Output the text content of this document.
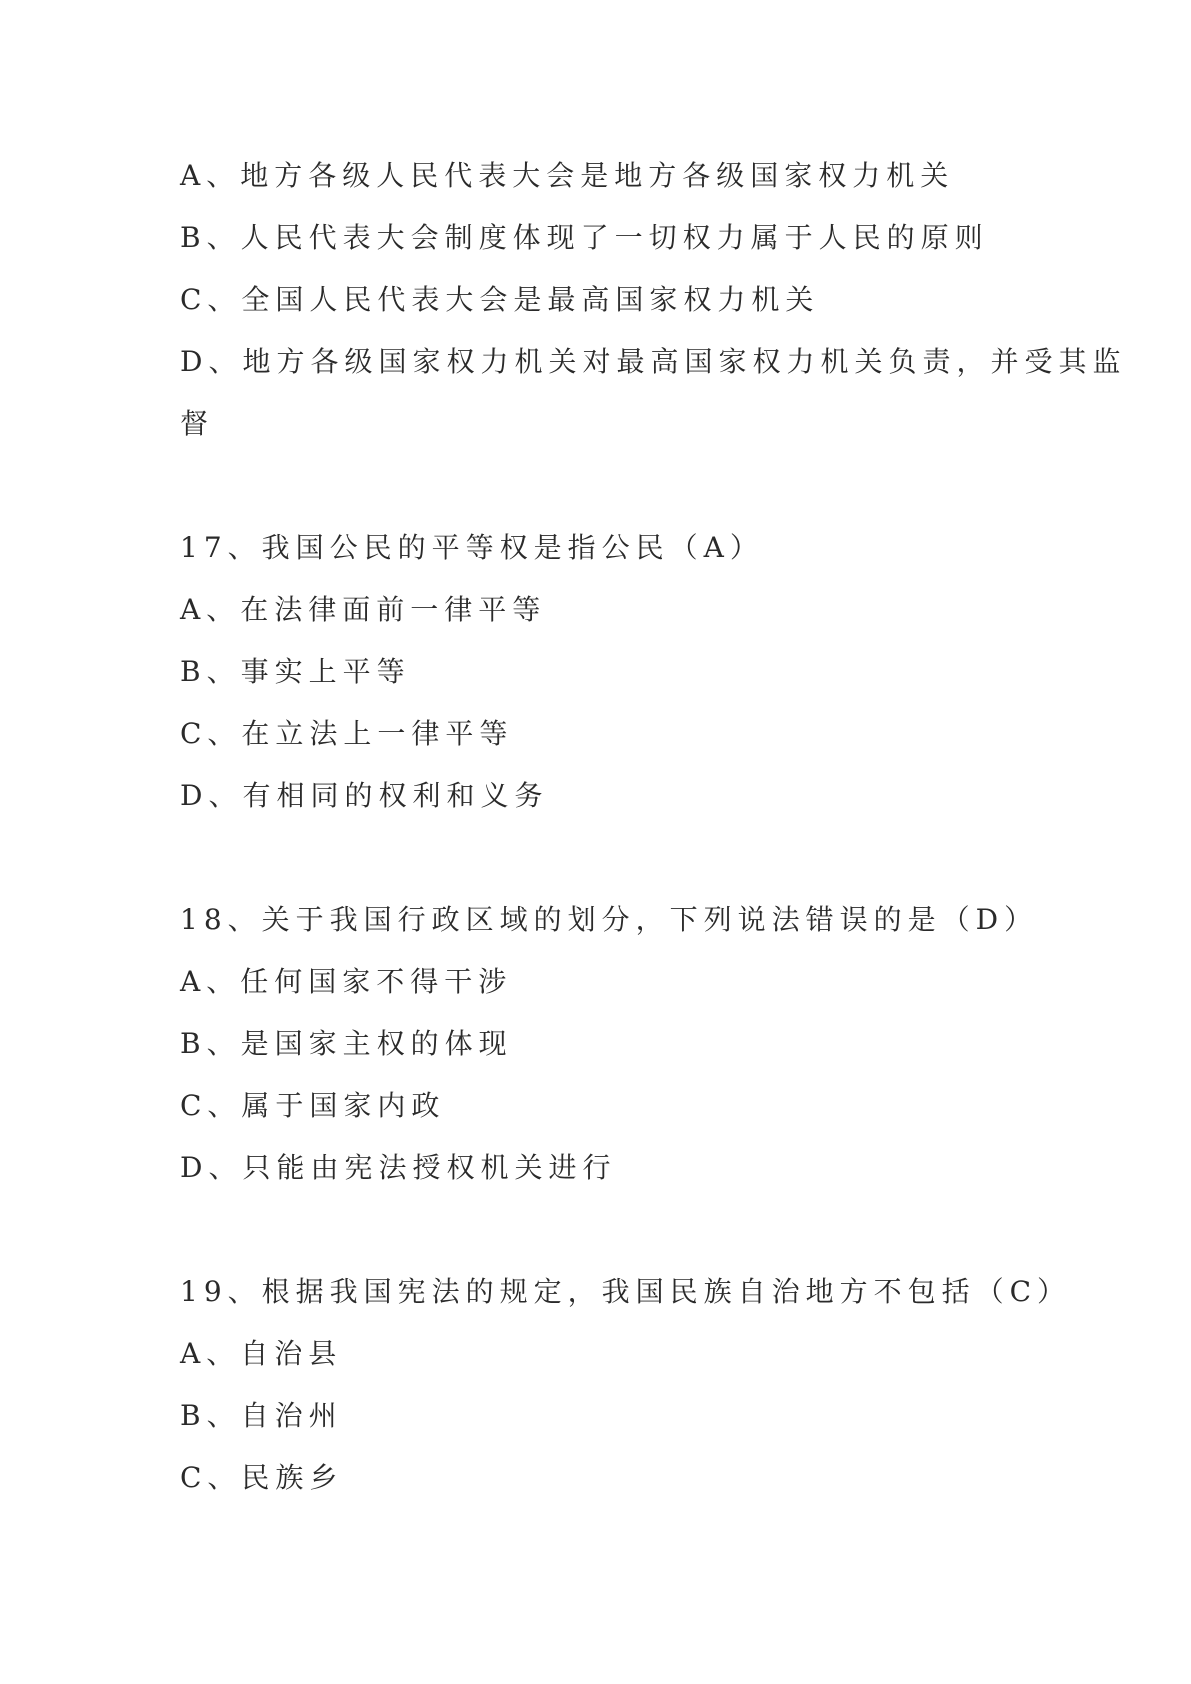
A、地方各级人民代表大会是地方各级国家权力机关
B、人民代表大会制度体现了一切权力属于人民的原则
C、全国人民代表大会是最高国家权力机关
D、地方各级国家权力机关对最高国家权力机关负责，并受其监
督
17、我国公民的平等权是指公民（A）
A、在法律面前一律平等
B、事实上平等
C、在立法上一律平等
D、有相同的权利和义务
18、关于我国行政区域的划分，下列说法错误的是（D）
A、任何国家不得干涉
B、是国家主权的体现
C、属于国家内政
D、只能由宪法授权机关进行
19、根据我国宪法的规定，我国民族自治地方不包括（C）
A、自治县
B、自治州
C、民族乡
